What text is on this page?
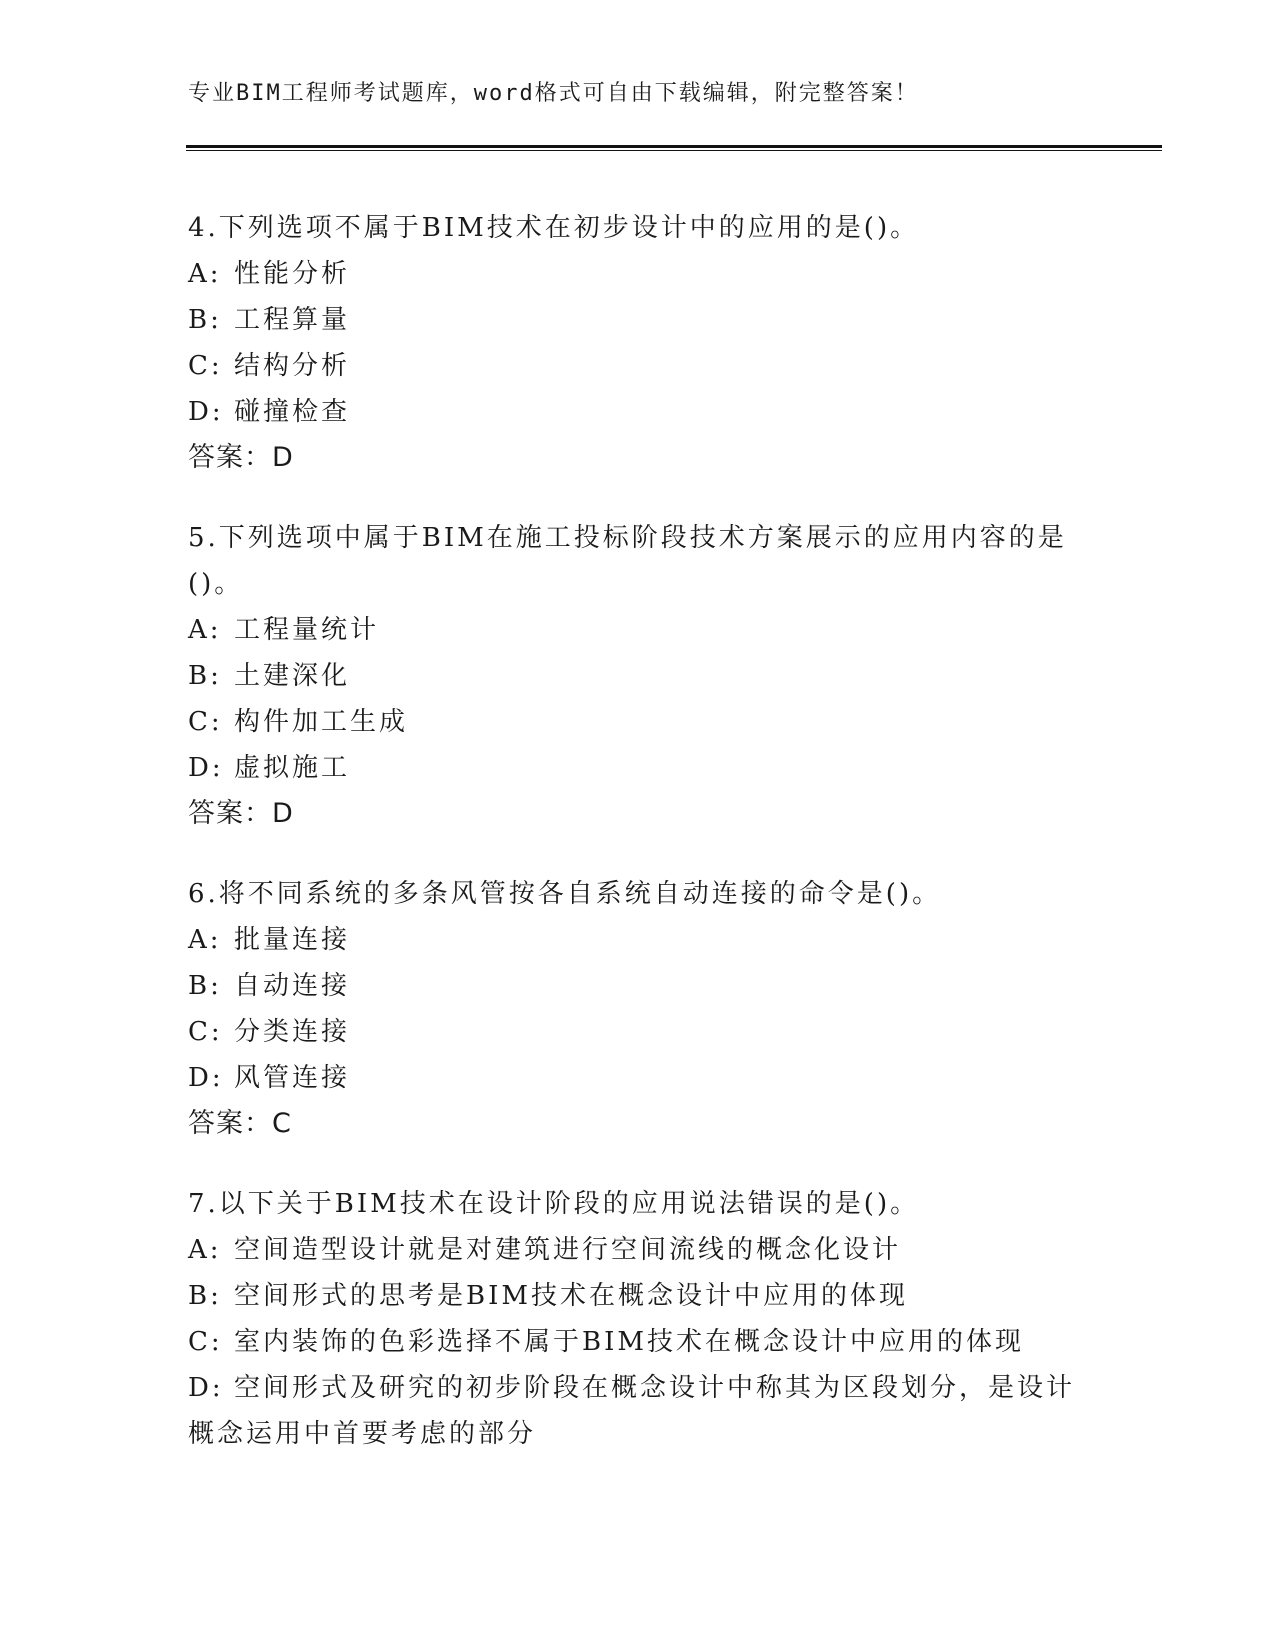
专业BIM工程师考试题库，word格式可自由下载编辑，附完整答案！
4.下列选项不属于BIM技术在初步设计中的应用的是()。
A: 性能分析
B: 工程算量
C: 结构分析
D: 碰撞检查
答案：D
5.下列选项中属于BIM在施工投标阶段技术方案展示的应用内容的是
()。
A: 工程量统计
B: 土建深化
C: 构件加工生成
D: 虚拟施工
答案：D
6.将不同系统的多条风管按各自系统自动连接的命令是()。
A: 批量连接
B: 自动连接
C: 分类连接
D: 风管连接
答案：C
7.以下关于BIM技术在设计阶段的应用说法错误的是()。
A: 空间造型设计就是对建筑进行空间流线的概念化设计
B: 空间形式的思考是BIM技术在概念设计中应用的体现
C: 室内装饰的色彩选择不属于BIM技术在概念设计中应用的体现
D: 空间形式及研究的初步阶段在概念设计中称其为区段划分，是设计
概念运用中首要考虑的部分
